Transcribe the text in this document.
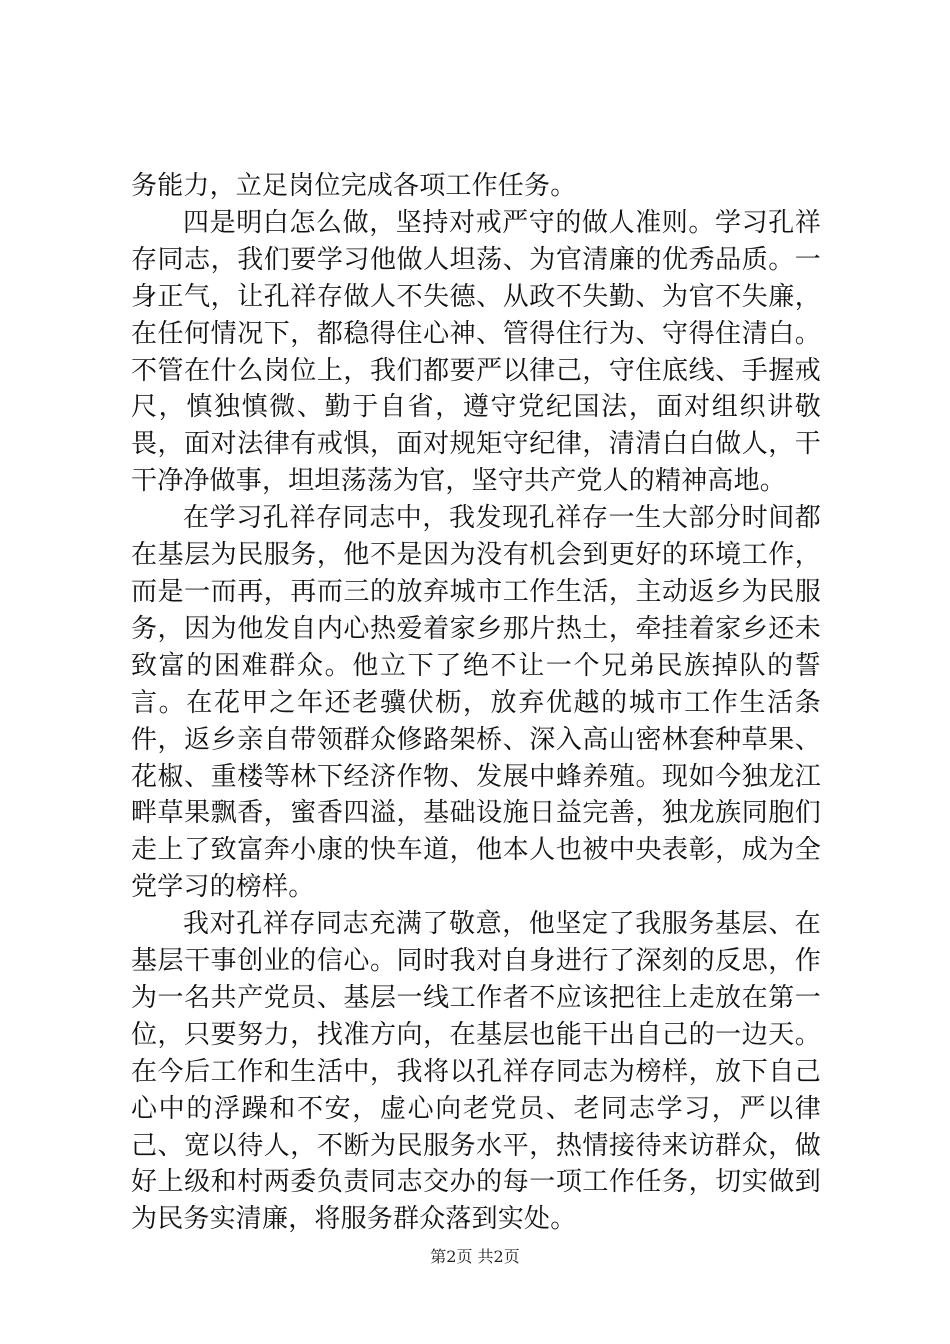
务能力，立足岗位完成各项工作任务。

四是明白怎么做，坚持对戒严守的做人准则。学习孔祥存同志，我们要学习他做人坦荡、为官清廉的优秀品质。一身正气，让孔祥存做人不失德、从政不失勤、为官不失廉，在任何情况下，都稳得住心神、管得住行为、守得住清白。不管在什么岗位上，我们都要严以律己，守住底线、手握戒尺，慎独慎微、勤于自省，遵守党纪国法，面对组织讲敬畏，面对法律有戒惧，面对规矩守纪律，清清白白做人，干干净净做事，坦坦荡荡为官，坚守共产党人的精神高地。

在学习孔祥存同志中，我发现孔祥存一生大部分时间都在基层为民服务，他不是因为没有机会到更好的环境工作，而是一而再，再而三的放弃城市工作生活，主动返乡为民服务，因为他发自内心热爱着家乡那片热土，牵挂着家乡还未致富的困难群众。他立下了绝不让一个兄弟民族掉队的誓言。在花甲之年还老骥伏枥，放弃优越的城市工作生活条件，返乡亲自带领群众修路架桥、深入高山密林套种草果、花椒、重楼等林下经济作物、发展中蜂养殖。现如今独龙江畔草果飘香，蜜香四溢，基础设施日益完善，独龙族同胞们走上了致富奔小康的快车道，他本人也被中央表彰，成为全党学习的榜样。

我对孔祥存同志充满了敬意，他坚定了我服务基层、在基层干事创业的信心。同时我对自身进行了深刻的反思，作为一名共产党员、基层一线工作者不应该把往上走放在第一位，只要努力，找准方向，在基层也能干出自己的一边天。在今后工作和生活中，我将以孔祥存同志为榜样，放下自己心中的浮躁和不安，虚心向老党员、老同志学习，严以律己、宽以待人，不断为民服务水平，热情接待来访群众，做好上级和村两委负责同志交办的每一项工作任务，切实做到为民务实清廉，将服务群众落到实处。

第2页 共2页
